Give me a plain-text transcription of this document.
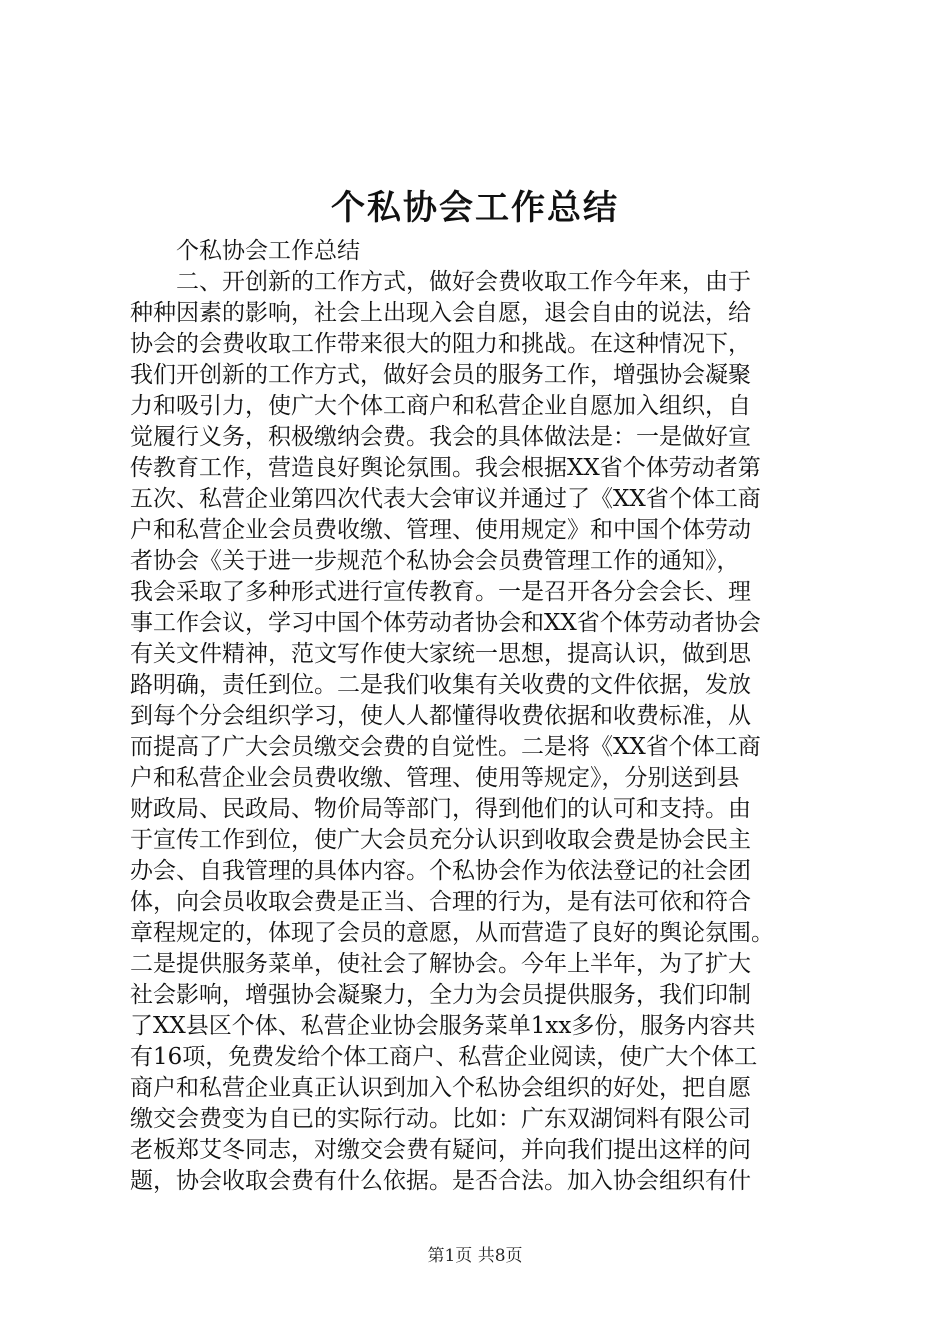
个私协会工作总结
个私协会工作总结
二、开创新的工作方式，做好会费收取工作今年来，由于
种种因素的影响，社会上出现入会自愿，退会自由的说法，给
协会的会费收取工作带来很大的阻力和挑战。在这种情况下，
我们开创新的工作方式，做好会员的服务工作，增强协会凝聚
力和吸引力，使广大个体工商户和私营企业自愿加入组织，自
觉履行义务，积极缴纳会费。我会的具体做法是：一是做好宣
传教育工作，营造良好舆论氛围。我会根据XX省个体劳动者第
五次、私营企业第四次代表大会审议并通过了《XX省个体工商
户和私营企业会员费收缴、管理、使用规定》和中国个体劳动
者协会《关于进一步规范个私协会会员费管理工作的通知》，
我会采取了多种形式进行宣传教育。一是召开各分会会长、理
事工作会议，学习中国个体劳动者协会和XX省个体劳动者协会
有关文件精神，范文写作使大家统一思想，提高认识，做到思
路明确，责任到位。二是我们收集有关收费的文件依据，发放
到每个分会组织学习，使人人都懂得收费依据和收费标准，从
而提高了广大会员缴交会费的自觉性。二是将《XX省个体工商
户和私营企业会员费收缴、管理、使用等规定》，分别送到县
财政局、民政局、物价局等部门，得到他们的认可和支持。由
于宣传工作到位，使广大会员充分认识到收取会费是协会民主
办会、自我管理的具体内容。个私协会作为依法登记的社会团
体，向会员收取会费是正当、合理的行为，是有法可依和符合
章程规定的，体现了会员的意愿，从而营造了良好的舆论氛围。
二是提供服务菜单，使社会了解协会。今年上半年，为了扩大
社会影响，增强协会凝聚力，全力为会员提供服务，我们印制
了XX县区个体、私营企业协会服务菜单1xx多份，服务内容共
有16项，免费发给个体工商户、私营企业阅读，使广大个体工
商户和私营企业真正认识到加入个私协会组织的好处，把自愿
缴交会费变为自已的实际行动。比如：广东双湖饲料有限公司
老板郑艾冬同志，对缴交会费有疑问，并向我们提出这样的问
题，协会收取会费有什么依据。是否合法。加入协会组织有什
第1页 共8页
